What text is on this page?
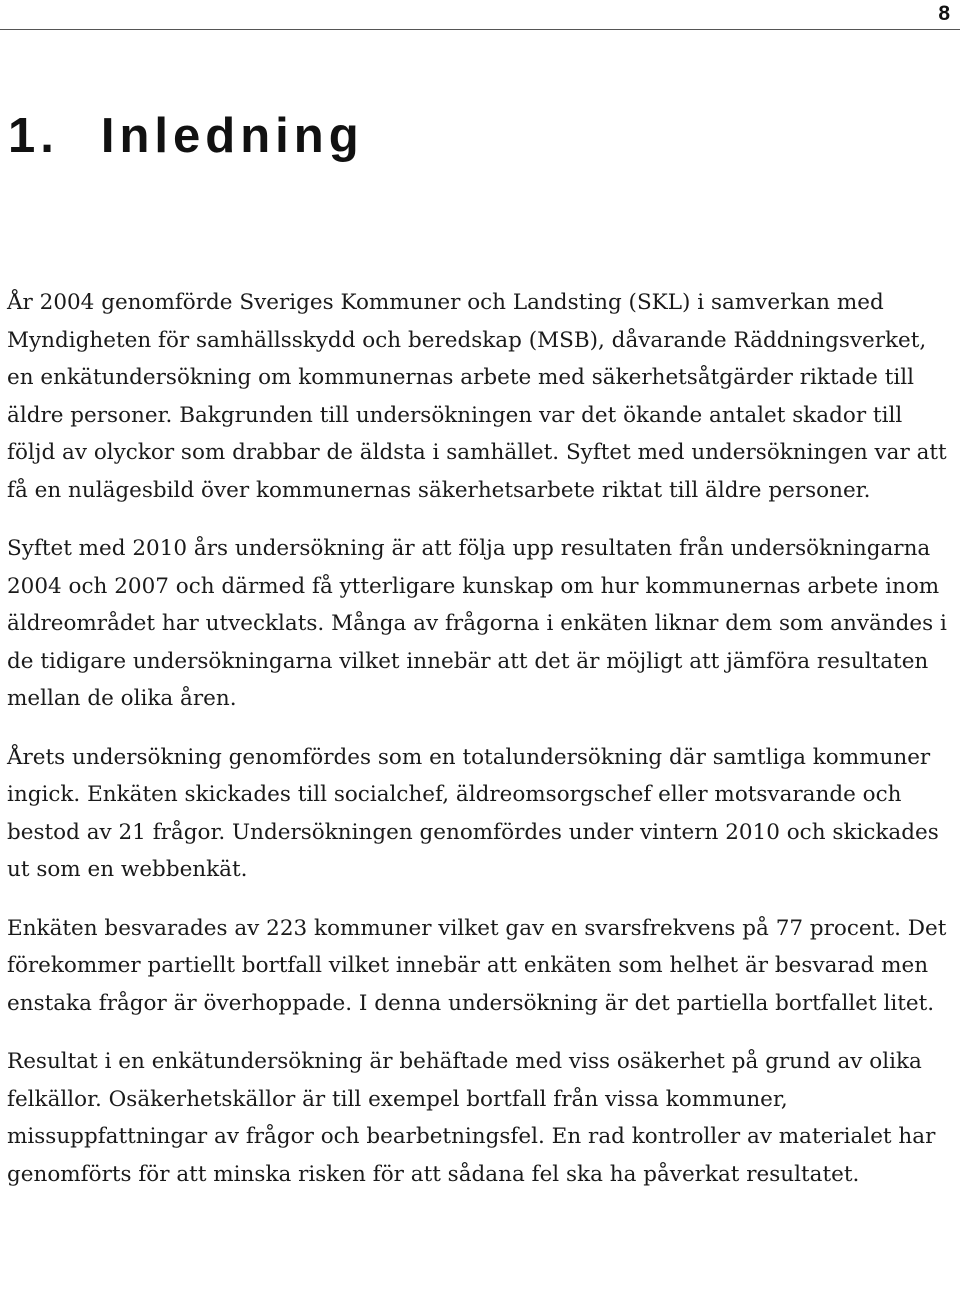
8
1. Inledning

År 2004 genomförde Sveriges Kommuner och Landsting (SKL) i samverkan med Myndigheten för samhällsskydd och beredskap (MSB), dåvarande Räddningsverket, en enkätundersökning om kommunernas arbete med säkerhetsåtgärder riktade till äldre personer. Bakgrunden till undersökningen var det ökande antalet skador till följd av olyckor som drabbar de äldsta i samhället. Syftet med undersökningen var att få en nulägesbild över kommunernas säkerhetsarbete riktat till äldre personer.

Syftet med 2010 års undersökning är att följa upp resultaten från undersökningarna 2004 och 2007 och därmed få ytterligare kunskap om hur kommunernas arbete inom äldreområdet har utvecklats. Många av frågorna i enkäten liknar dem som användes i de tidigare undersökningarna vilket innebär att det är möjligt att jämföra resultaten mellan de olika åren.

Årets undersökning genomfördes som en totalundersökning där samtliga kommuner ingick. Enkäten skickades till socialchef, äldreomsorgschef eller motsvarande och bestod av 21 frågor. Undersökningen genomfördes under vintern 2010 och skickades ut som en webbenkät.

Enkäten besvarades av 223 kommuner vilket gav en svarsfrekvens på 77 procent. Det förekommer partiellt bortfall vilket innebär att enkäten som helhet är besvarad men enstaka frågor är överhoppade. I denna undersökning är det partiella bortfallet litet.

Resultat i en enkätundersökning är behäftade med viss osäkerhet på grund av olika felkällor. Osäkerhetskällor är till exempel bortfall från vissa kommuner, missuppfattningar av frågor och bearbetningsfel. En rad kontroller av materialet har genomförts för att minska risken för att sådana fel ska ha påverkat resultatet.
